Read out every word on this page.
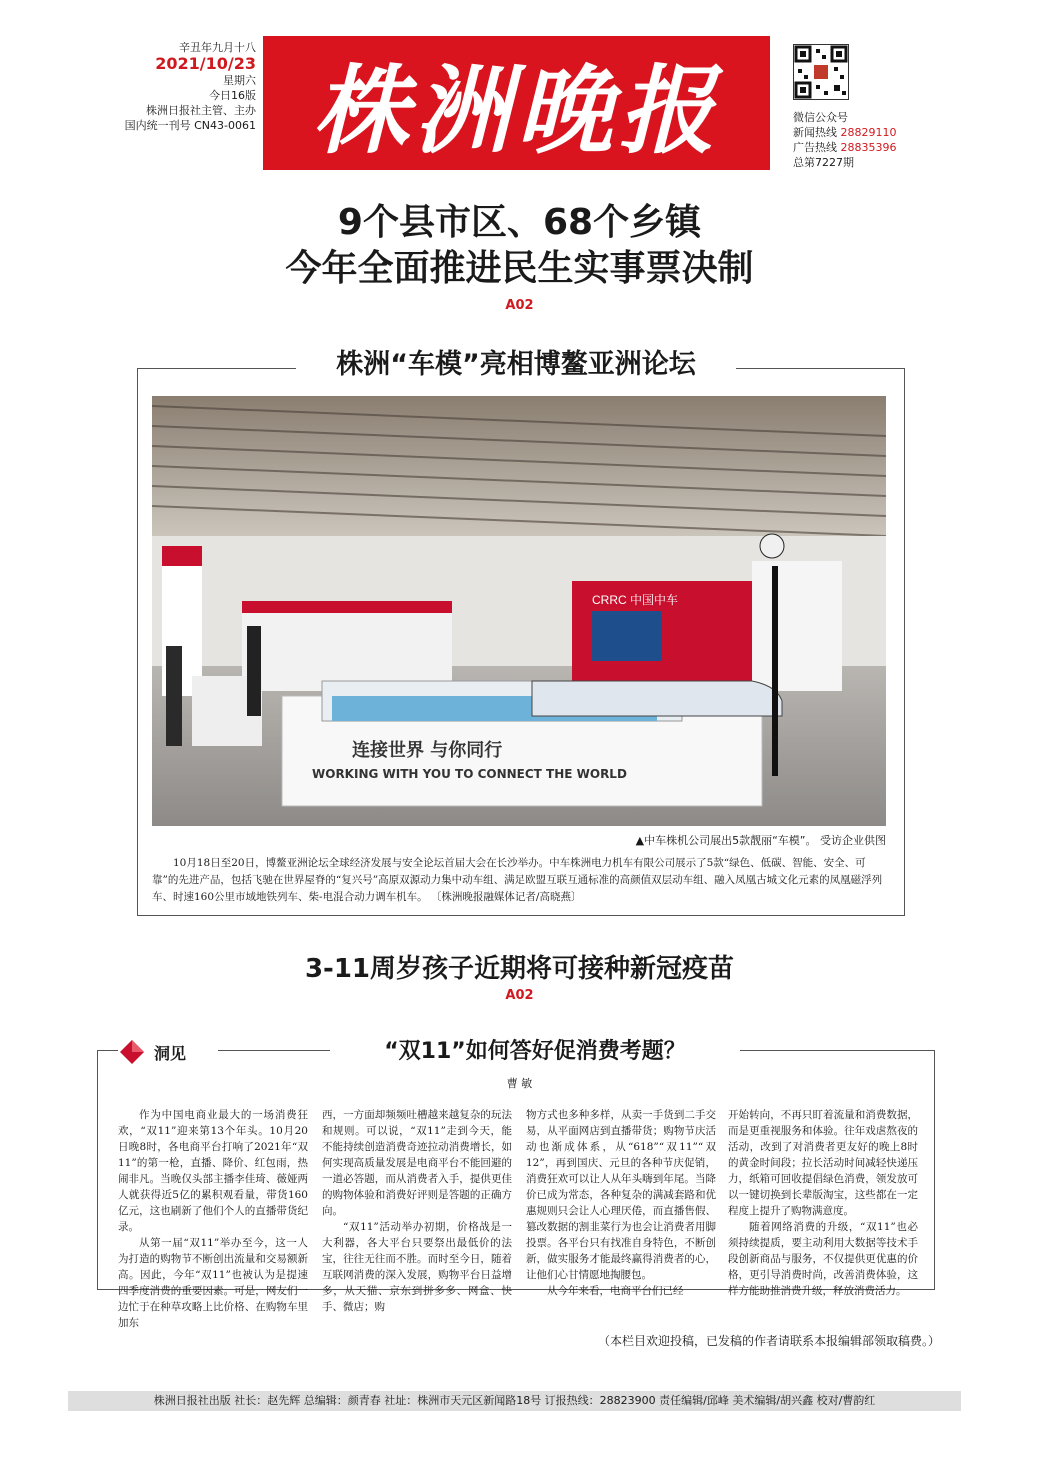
辛丑年九月十八
2021/10/23
星期六
今日16版
株洲日报社主管、主办
国内统一刊号 CN43-0061 株洲晚报	微信公众号
新闻热线 28829110
广告热线 28835396
总第7227期
9个县市区、68个乡镇
今年全面推进民生实事票决制
A02
株洲“车模”亮相博鳌亚洲论坛
CRRC 中国中车
连接世界 与你同行
WORKING WITH YOU TO CONNECT THE WORLD
▲中车株机公司展出5款靓丽“车模”。 受访企业供图
10月18日至20日，博鳌亚洲论坛全球经济发展与安全论坛首届大会在长沙举办。中车株洲电力机车有限公司展示了5款“绿色、低碳、智能、安全、可靠”的先进产品，包括飞驰在世界屋脊的“复兴号”高原双源动力集中动车组、满足欧盟互联互通标准的高颜值双层动车组、融入凤凰古城文化元素的凤凰磁浮列车、时速160公里市域地铁列车、柴-电混合动力调车机车。 〔株洲晚报融媒体记者/高晓燕〕
3-11周岁孩子近期将可接种新冠疫苗
A02
洞见	“双11”如何答好促消费考题？
曹 敏

作为中国电商业最大的一场消费狂欢，“双11”迎来第13个年头。10月20日晚8时，各电商平台打响了2021年“双11”的第一枪，直播、降价、红包雨，热闹非凡。当晚仅头部主播李佳琦、薇娅两人就获得近5亿的累积观看量，带货160亿元，这也刷新了他们个人的直播带货纪录。

从第一届“双11”举办至今，这一人为打造的购物节不断创出流量和交易额新高。因此，今年“双11”也被认为是提速四季度消费的重要因素。可是，网友们一边忙于在种草攻略上比价格、在购物车里加东

西，一方面却频频吐槽越来越复杂的玩法和规则。可以说，“双11”走到今天，能不能持续创造消费奇迹拉动消费增长，如何实现高质量发展是电商平台不能回避的一道必答题，而从消费者入手，提供更佳的购物体验和消费好评则是答题的正确方向。

“双11”活动举办初期，价格战是一大利器，各大平台只要祭出最低价的法宝，往往无往而不胜。而时至今日，随着互联网消费的深入发展，购物平台日益增多，从天猫、京东到拼多多、网盒、快手、微店；购

物方式也多种多样，从卖一手货到二手交易，从平面网店到直播带货；购物节庆活动也渐成体系，从“618”“双11”“双12”，再到国庆、元旦的各种节庆促销，消费狂欢可以让人从年头嗨到年尾。当降价已成为常态，各种复杂的满减套路和优惠规则只会让人心理厌倦，而直播售假、篡改数据的割韭菜行为也会让消费者用脚投票。各平台只有找准自身特色，不断创新，做实服务才能最终赢得消费者的心，让他们心甘情愿地掏腰包。

从今年来看，电商平台们已经

开始转向，不再只盯着流量和消费数据，而是更重视服务和体验。往年戏虐熬夜的活动，改到了对消费者更友好的晚上8时的黄金时间段；拉长活动时间减轻快递压力，纸箱可回收提倡绿色消费，领发放可以一键切换到长辈版淘宝，这些都在一定程度上提升了购物满意度。

随着网络消费的升级，“双11”也必须持续提质，要主动利用大数据等技术手段创新商品与服务，不仅提供更优惠的价格，更引导消费时尚，改善消费体验，这样方能助推消费升级，释放消费活力。

（本栏目欢迎投稿，已发稿的作者请联系本报编辑部领取稿费。）
株洲日报社出版 社长：赵先辉 总编辑：颜青春 社址：株洲市天元区新闻路18号 订报热线：28823900 责任编辑/邱峰 美术编辑/胡兴鑫 校对/曹韵红
